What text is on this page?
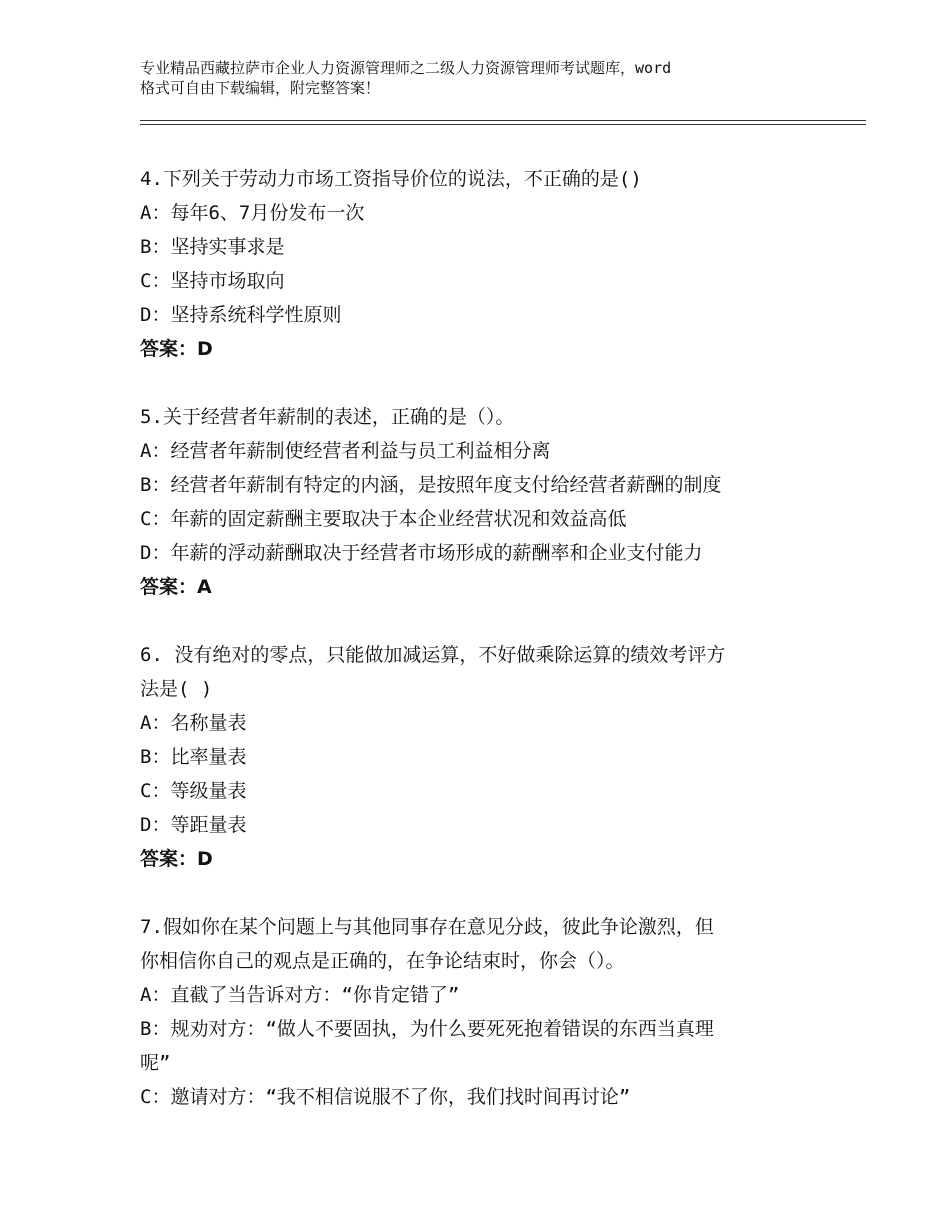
专业精品西藏拉萨市企业人力资源管理师之二级人力资源管理师考试题库，word
格式可自由下载编辑，附完整答案！
4.下列关于劳动力市场工资指导价位的说法，不正确的是()
A：每年6、7月份发布一次
B：坚持实事求是
C：坚持市场取向
D：坚持系统科学性原则
答案：D
5.关于经营者年薪制的表述，正确的是（）。
A：经营者年薪制使经营者利益与员工利益相分离
B：经营者年薪制有特定的内涵，是按照年度支付给经营者薪酬的制度
C：年薪的固定薪酬主要取决于本企业经营状况和效益高低
D：年薪的浮动薪酬取决于经营者市场形成的薪酬率和企业支付能力
答案：A
6. 没有绝对的零点，只能做加减运算，不好做乘除运算的绩效考评方
法是( )
A：名称量表
B：比率量表
C：等级量表
D：等距量表
答案：D
7.假如你在某个问题上与其他同事存在意见分歧，彼此争论激烈，但
你相信你自己的观点是正确的，在争论结束时，你会（）。
A：直截了当告诉对方：“你肯定错了”
B：规劝对方：“做人不要固执，为什么要死死抱着错误的东西当真理
呢”
C：邀请对方：“我不相信说服不了你，我们找时间再讨论”
